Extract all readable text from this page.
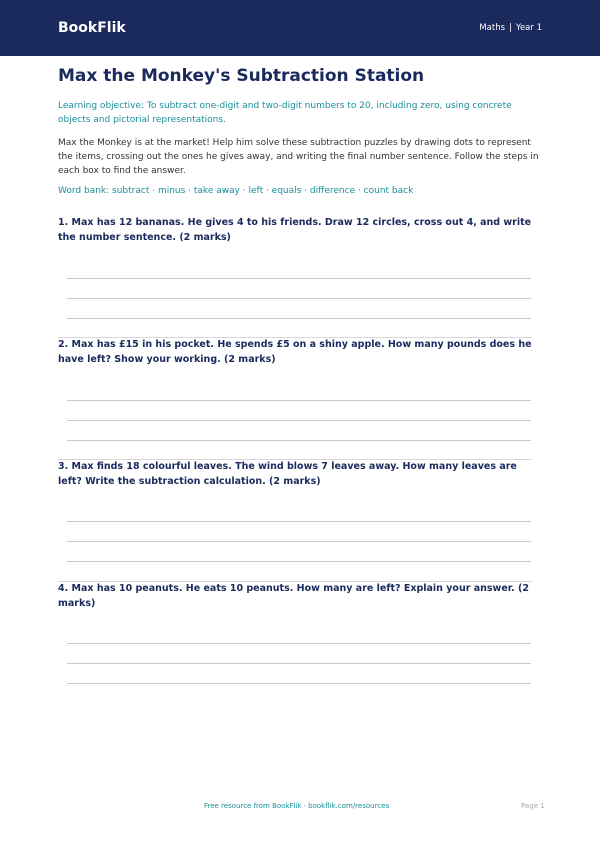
BookFlik	Maths | Year 1
Max the Monkey's Subtraction Station

Learning objective: To subtract one-digit and two-digit numbers to 20, including zero, using concrete objects and pictorial representations.

Max the Monkey is at the market! Help him solve these subtraction puzzles by drawing dots to represent the items, crossing out the ones he gives away, and writing the final number sentence. Follow the steps in each box to find the answer.

Word bank: subtract · minus · take away · left · equals · difference · count back

1. Max has 12 bananas. He gives 4 to his friends. Draw 12 circles, cross out 4, and write the number sentence. (2 marks)

2. Max has £15 in his pocket. He spends £5 on a shiny apple. How many pounds does he have left? Show your working. (2 marks)

3. Max finds 18 colourful leaves. The wind blows 7 leaves away. How many leaves are left? Write the subtraction calculation. (2 marks)

4. Max has 10 peanuts. He eats 10 peanuts. How many are left? Explain your answer. (2 marks)

Free resource from BookFlik · bookflik.com/resources	Page 1
